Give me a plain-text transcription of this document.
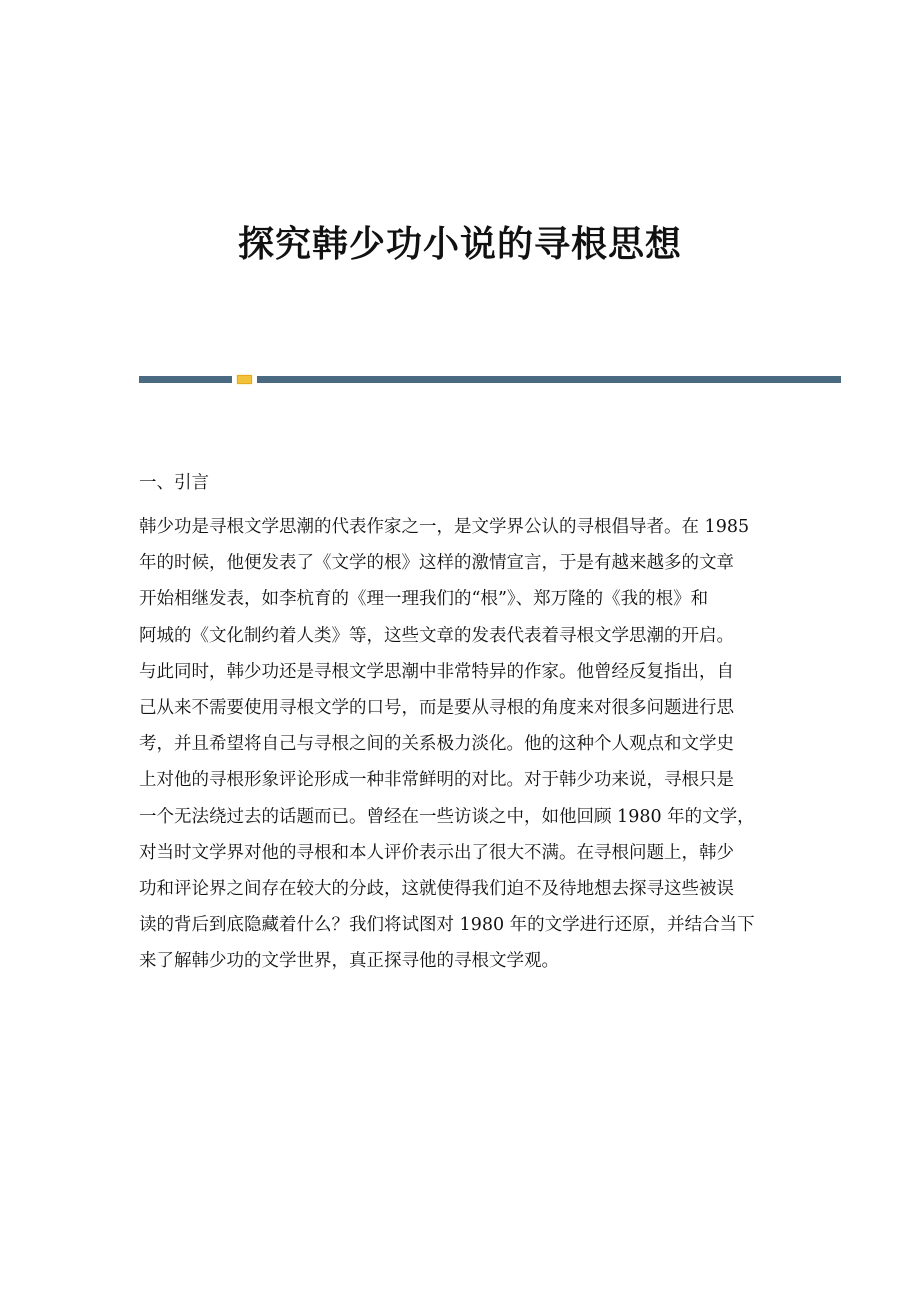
探究韩少功小说的寻根思想
一、引言
韩少功是寻根文学思潮的代表作家之一，是文学界公认的寻根倡导者。在 1985
年的时候，他便发表了《文学的根》这样的激情宣言，于是有越来越多的文章
开始相继发表，如李杭育的《理一理我们的“根”》、郑万隆的《我的根》和
阿城的《文化制约着人类》等，这些文章的发表代表着寻根文学思潮的开启。
与此同时，韩少功还是寻根文学思潮中非常特异的作家。他曾经反复指出，自
己从来不需要使用寻根文学的口号，而是要从寻根的角度来对很多问题进行思
考，并且希望将自己与寻根之间的关系极力淡化。他的这种个人观点和文学史
上对他的寻根形象评论形成一种非常鲜明的对比。对于韩少功来说，寻根只是
一个无法绕过去的话题而已。曾经在一些访谈之中，如他回顾 1980 年的文学，
对当时文学界对他的寻根和本人评价表示出了很大不满。在寻根问题上，韩少
功和评论界之间存在较大的分歧，这就使得我们迫不及待地想去探寻这些被误
读的背后到底隐藏着什么？我们将试图对 1980 年的文学进行还原，并结合当下
来了解韩少功的文学世界，真正探寻他的寻根文学观。
